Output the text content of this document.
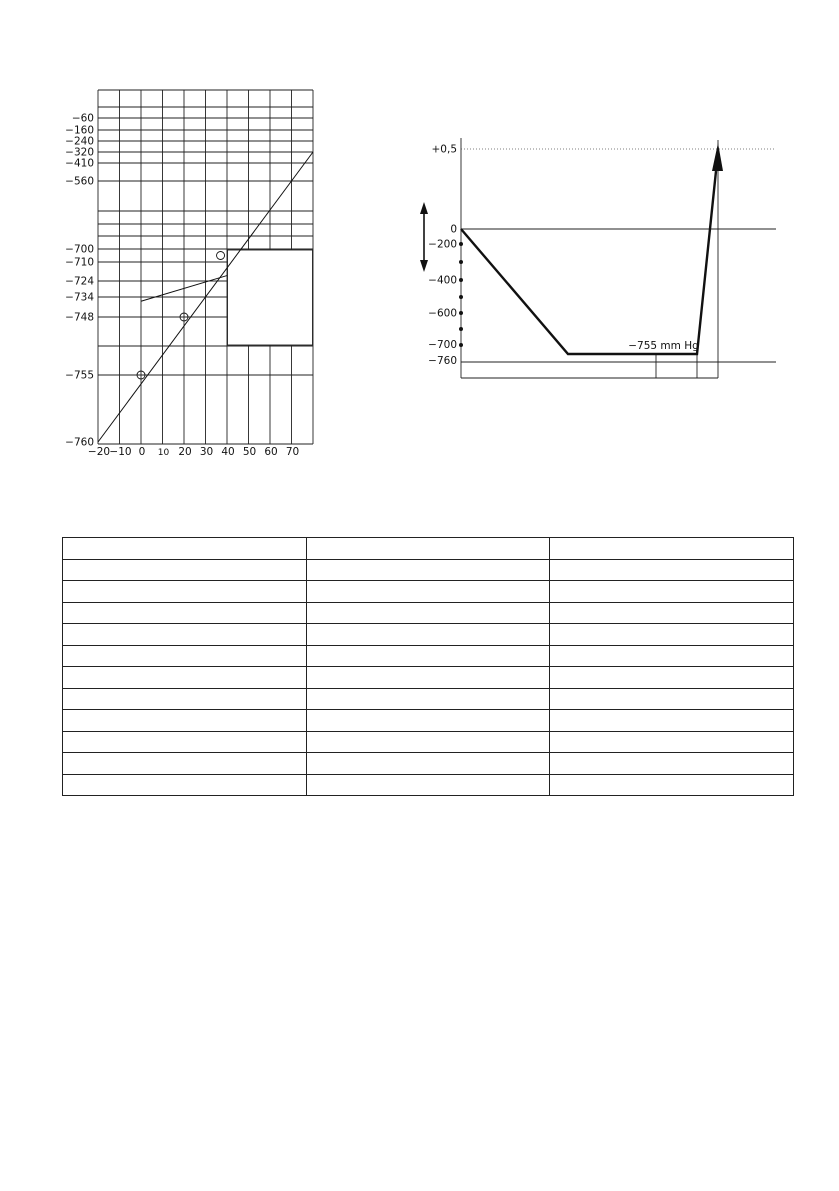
−60
−160
−240
−320
−410
−560
−700
−710
−724
−734
−748
−755
−760
−20 −10 0 10 20 30 40 50 60 70
+0,5
0
−200
−400
−600
−700
−760
−755 mm Hg
